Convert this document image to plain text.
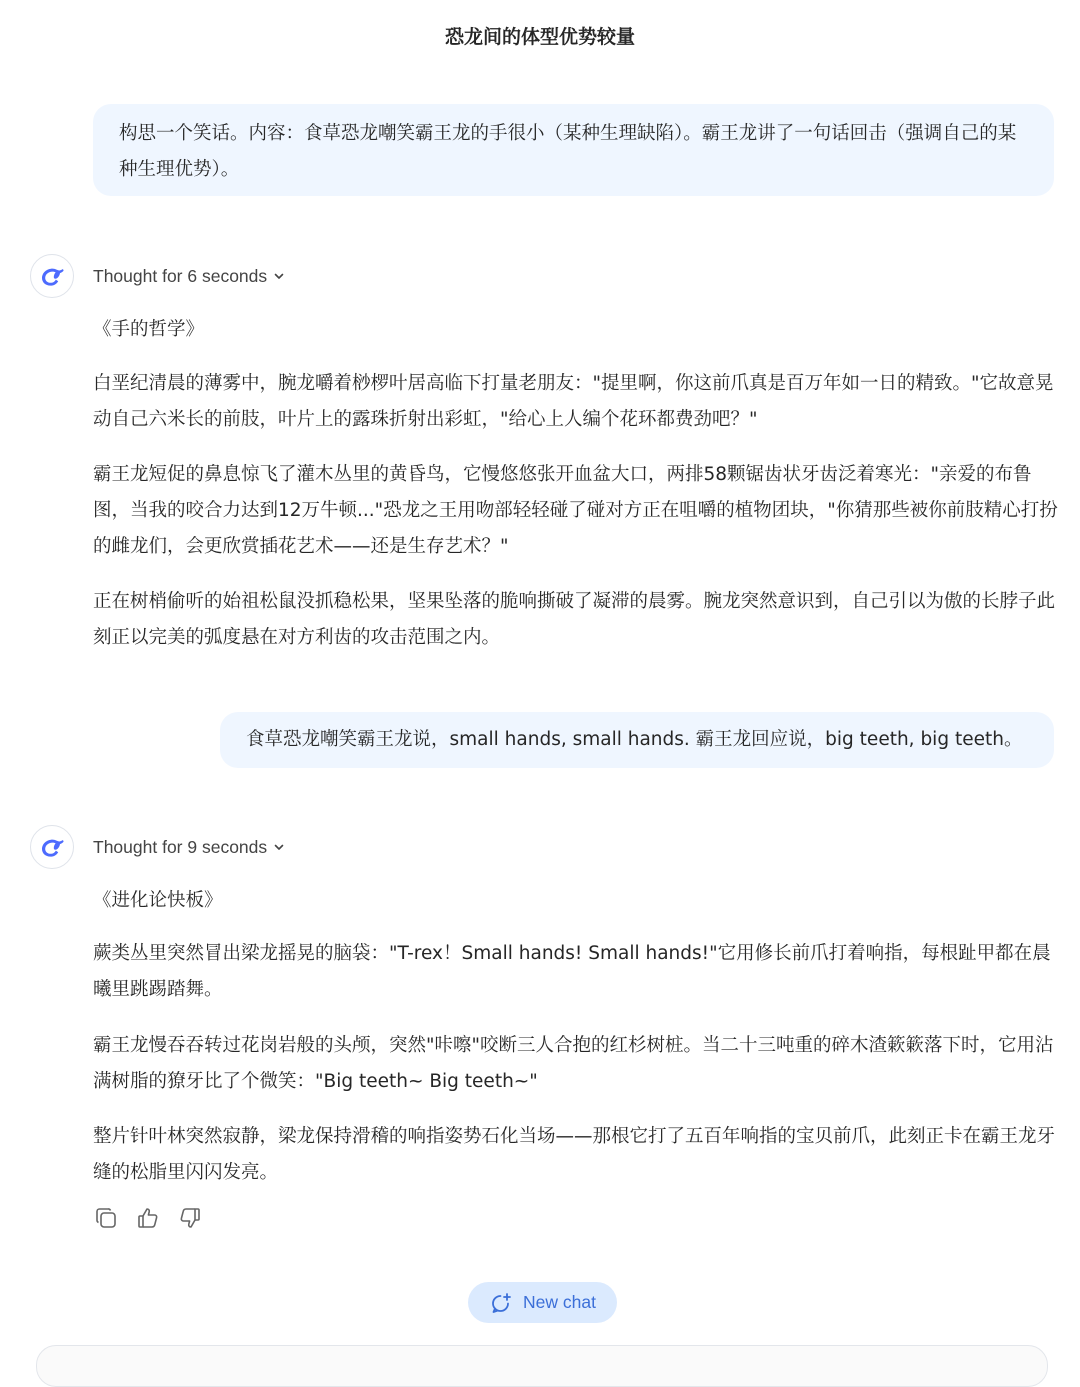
恐龙间的体型优势较量
构思一个笑话。内容：食草恐龙嘲笑霸王龙的手很小（某种生理缺陷）。霸王龙讲了一句话回击（强调自己的某种生理优势）。
Thought for 6 seconds

《手的哲学》

白垩纪清晨的薄雾中，腕龙嚼着桫椤叶居高临下打量老朋友："提里啊，你这前爪真是百万年如一日的精致。"它故意晃动自己六米长的前肢，叶片上的露珠折射出彩虹，"给心上人编个花环都费劲吧？"

霸王龙短促的鼻息惊飞了灌木丛里的黄昏鸟，它慢悠悠张开血盆大口，两排58颗锯齿状牙齿泛着寒光："亲爱的布鲁图，当我的咬合力达到12万牛顿..."恐龙之王用吻部轻轻碰了碰对方正在咀嚼的植物团块，"你猜那些被你前肢精心打扮的雌龙们，会更欣赏插花艺术——还是生存艺术？"

正在树梢偷听的始祖松鼠没抓稳松果，坚果坠落的脆响撕破了凝滞的晨雾。腕龙突然意识到，自己引以为傲的长脖子此刻正以完美的弧度悬在对方利齿的攻击范围之内。

食草恐龙嘲笑霸王龙说，small hands, small hands. 霸王龙回应说，big teeth, big teeth。
Thought for 9 seconds

《进化论快板》

蕨类丛里突然冒出梁龙摇晃的脑袋："T-rex！Small hands! Small hands!"它用修长前爪打着响指，每根趾甲都在晨曦里跳踢踏舞。

霸王龙慢吞吞转过花岗岩般的头颅，突然"咔嚓"咬断三人合抱的红杉树桩。当二十三吨重的碎木渣簌簌落下时，它用沾满树脂的獠牙比了个微笑："Big teeth~ Big teeth~"

整片针叶林突然寂静，梁龙保持滑稽的响指姿势石化当场——那根它打了五百年响指的宝贝前爪，此刻正卡在霸王龙牙缝的松脂里闪闪发亮。

New chat
